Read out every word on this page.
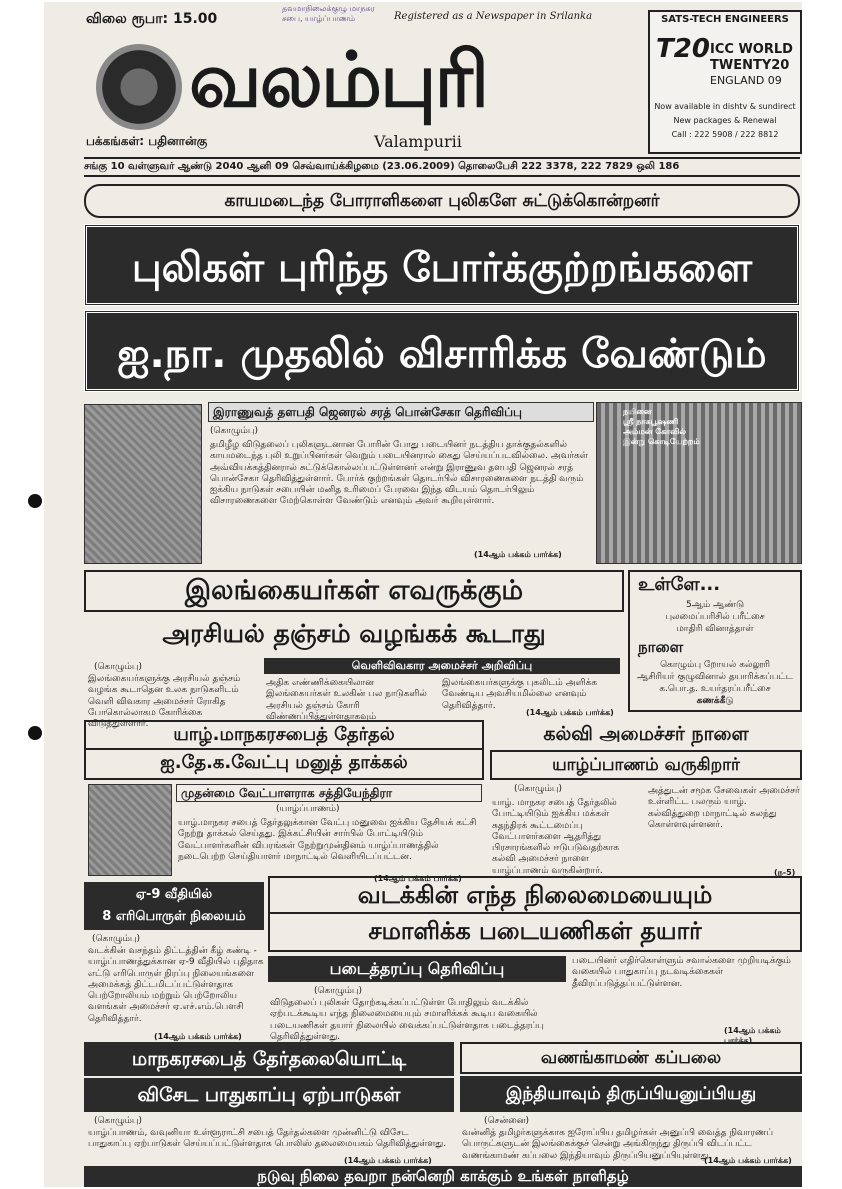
விலை ரூபா: 15.00
தவமாநிலைக்குழு மாநகர சபை, யாழ்ப்பாணம்	Registered as a Newspaper in Srilanka
வலம்புரி
Valampurii
பக்கங்கள்: பதினான்கு
SATS-TECH ENGINEERS
T20 ICC WORLD
TWENTY20
ENGLAND 09
Now available in dishtv & sundirect
New packages & Renewal
Call : 222 5908 / 222 8812
சங்கு 10 வள்ளுவர் ஆண்டு 2040 ஆனி 09 செவ்வாய்க்கிழமை (23.06.2009) தொலைபேசி 222 3378, 222 7829 ஒலி 186
காயமடைந்த போராளிகளை புலிகளே சுட்டுக்கொன்றனர்
புலிகள் புரிந்த போர்க்குற்றங்களை
ஐ.நா. முதலில் விசாரிக்க வேண்டும்
இராணுவத் தளபதி ஜெனரல் சரத் பொன்சேகா தெரிவிப்பு
(கொழும்பு)
தமிழீழ விடுதலைப் புலிகளுடனான போரின் போது படையினர் நடத்திய தாக்குதல்களில் காயமடைந்த புலி உறுப்பினர்கள் வெறும் படையினரால் கைது செய்யப்படவில்லை. அவர்கள் அவ்வியக்கத்தினரால் சுட்டுக்கொல்லப்பட்டுள்ளனர் என்று இராணுவ தளபதி ஜெனரல் சரத் பொன்சேகா தெரிவித்துள்ளார். போர்க் குற்றங்கள் தொடர்பில் விசாரணைகளை நடத்தி வரும் ஐக்கிய நாடுகள் சபையின் மனித உரிமைப் பேரவை இந்த விடயம் தொடர்பிலும் விசாரணைகளை மேற்கொள்ள வேண்டும் எனவும் அவர் கூறியுள்ளார்.
(14ஆம் பக்கம் பார்க்க)
நயினை
ஸ்ரீ நாகபூஷணி
அம்மன் கோவில்
இன்று கொடியேற்றம்
இலங்கையர்கள் எவருக்கும்
அரசியல் தஞ்சம் வழங்கக் கூடாது
(கொழும்பு)
இலங்கையர்களுக்கு அரசியல் தஞ்சம் வழங்க கூடாதென உலக நாடுகளிடம் வெளி விவகார அமைச்சர் ரோகித போகொல்லாகம கோரிக்கை விடுத்துள்ளார்.
வெளிவிவகார அமைச்சர் அறிவிப்பு
அதிக எண்ணிக்கையிலான இலங்கையர்கள் உலகின் பல நாடுகளில் அரசியல் தஞ்சம் கோரி விண்ணப்பித்துள்ளதாகவும்
இலங்கையர்களுக்கு புகலிடம் அளிக்க வேண்டிய அவசியமில்லை எனவும் தெரிவித்தார்.
(14ஆம் பக்கம் பார்க்க)
உள்ளே...
5ஆம் ஆண்டு
புலமைப்பரிசில் பரீட்சை
மாதிரி வினாத்தாள்
நாளை
கொழும்பு றோயல் கல்லூரி
ஆசிரியர் குழுவினால் தயாரிக்கப்பட்ட
க.பொ.த. உயர்தரப்பரீட்சை
கணக்கீடு
யாழ்.மாநகரசபைத் தேர்தல்
ஐ.தே.க.வேட்பு மனுத் தாக்கல்
முதன்மை வேட்பாளராக சத்தியேந்திரா
(யாழ்ப்பாணம்)
யாழ்.மாநகர சபைத் தேர்தலுக்கான வேட்பு மனுவை ஐக்கிய தேசியக் கட்சி நேற்று தாக்கல் செய்தது. இக்கட்சியின் சார்பில் போட்டியிடும் வேட்பாளர்களின் விபரங்கள் நேற்றுமுன்தினம் யாழ்ப்பாணத்தில் நடைபெற்ற செய்தியாளர் மாநாட்டில் வெளியிடப்பட்டன.
(14ஆம் பக்கம் பார்க்க)
கல்வி அமைச்சர் நாளை
யாழ்ப்பாணம் வருகிறார்
(கொழும்பு)
யாழ். மாநகர சபைத் தேர்தலில் போட்டியிடும் ஐக்கிய மக்கள் சுதந்திரக் கூட்டமைப்பு வேட்பாளர்களை ஆதரித்து பிரசாரங்களில் ஈடுபடுவதற்காக கல்வி அமைச்சர் நாளை யாழ்ப்பாணம் வருகின்றார்.
அத்துடன் சமூக சேவைகள் அமைச்சர் உள்ளிட்ட பலரும் யாழ். கல்வித்துறை மாநாட்டில் கலந்து கொள்ளவுள்ளனர்.
(ந-5)
ஏ-9 வீதியில்
8 எரிபொருள் நிலையம்
(கொழும்பு)
வடக்கின் வசந்தம் திட்டத்தின் கீழ் கண்டி - யாழ்ப்பாணத்துக்கான ஏ-9 வீதியில் புதிதாக எட்டு எரிபொருள் நிரப்பு நிலையங்களை அமைக்கத் திட்டமிடப்பட்டுள்ளதாக பெற்றோலியம் மற்றும் பெற்றோலிய வளங்கள் அமைச்சர் ஏ.எச்.எம்.பௌசி தெரிவித்தார்.
(14ஆம் பக்கம் பார்க்க)
வடக்கின் எந்த நிலைமையையும்
சமாளிக்க படையணிகள் தயார்
படைத்தரப்பு தெரிவிப்பு
(கொழும்பு)
விடுதலைப் புலிகள் தோற்கடிக்கப்பட்டுள்ள போதிலும் வடக்கில் ஏற்படக்கூடிய எந்த நிலைமையையும் சமாளிக்கக் கூடிய வகையில் படையணிகள் தயார் நிலையில் வைக்கப்பட்டுள்ளதாக படைத்தரப்பு தெரிவித்துள்ளது.
படையினர் எதிர்கொள்ளும் சவால்களை முறியடிக்கும் வகையில் பாதுகாப்பு நடவடிக்கைகள் தீவிரப்படுத்தப்பட்டுள்ளன.
(14ஆம் பக்கம் பார்க்க)
மாநகரசபைத் தேர்தலையொட்டி
விசேட பாதுகாப்பு ஏற்பாடுகள்
(கொழும்பு)
யாழ்ப்பாணம், வவுனியா உள்ளூராட்சி சபைத் தேர்தல்களை முன்னிட்டு விசேட பாதுகாப்பு ஏற்பாடுகள் செய்யப்பட்டுள்ளதாக பொலிஸ் தலைமையகம் தெரிவித்துள்ளது.
(14ஆம் பக்கம் பார்க்க)
வணங்காமண் கப்பலை
இந்தியாவும் திருப்பியனுப்பியது
(சென்னை)
வன்னித் தமிழர்களுக்காக ஐரோப்பிய தமிழர்கள் அனுப்பி வைத்த நிவாரணப் பொருட்களுடன் இலங்கைக்குச் சென்று அங்கிருந்து திருப்பி விடப்பட்ட வணங்காமண் கப்பலை இந்தியாவும் திருப்பியனுப்பியுள்ளது.
(14ஆம் பக்கம் பார்க்க)
நடுவு நிலை தவறா நன்னெறி காக்கும் உங்கள் நாளிதழ்
